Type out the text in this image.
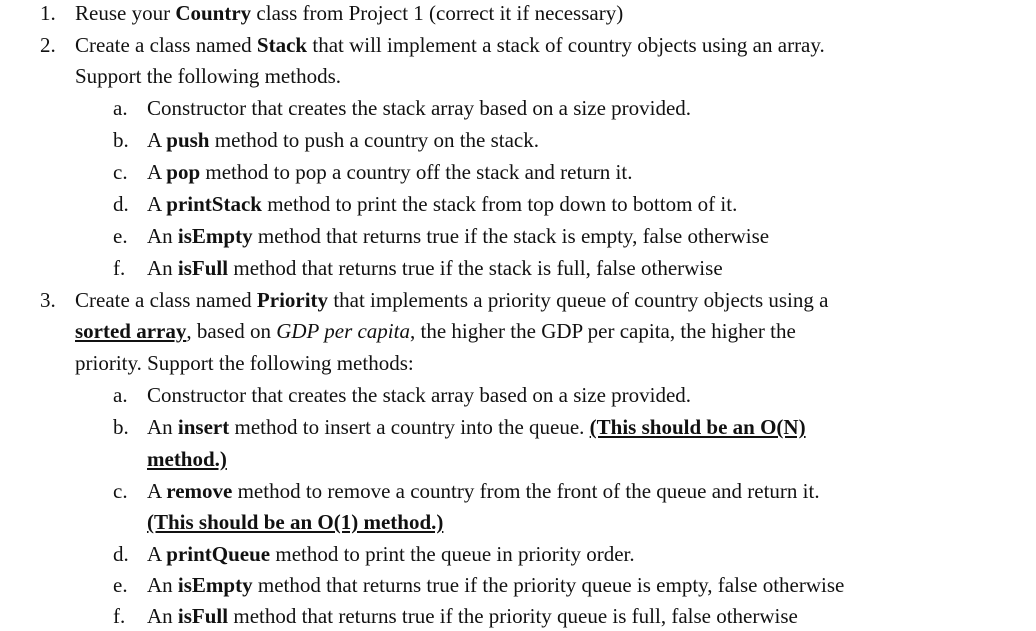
1. Reuse your Country class from Project 1 (correct it if necessary)
2. Create a class named Stack that will implement a stack of country objects using an array.
Support the following methods.
a. Constructor that creates the stack array based on a size provided.
b. A push method to push a country on the stack.
c. A pop method to pop a country off the stack and return it.
d. A printStack method to print the stack from top down to bottom of it.
e. An isEmpty method that returns true if the stack is empty, false otherwise
f. An isFull method that returns true if the stack is full, false otherwise
3. Create a class named Priority that implements a priority queue of country objects using a
sorted array, based on GDP per capita, the higher the GDP per capita, the higher the
priority. Support the following methods:
a. Constructor that creates the stack array based on a size provided.
b. An insert method to insert a country into the queue. (This should be an O(N)
method.)
c. A remove method to remove a country from the front of the queue and return it.
(This should be an O(1) method.)
d. A printQueue method to print the queue in priority order.
e. An isEmpty method that returns true if the priority queue is empty, false otherwise
f. An isFull method that returns true if the priority queue is full, false otherwise
